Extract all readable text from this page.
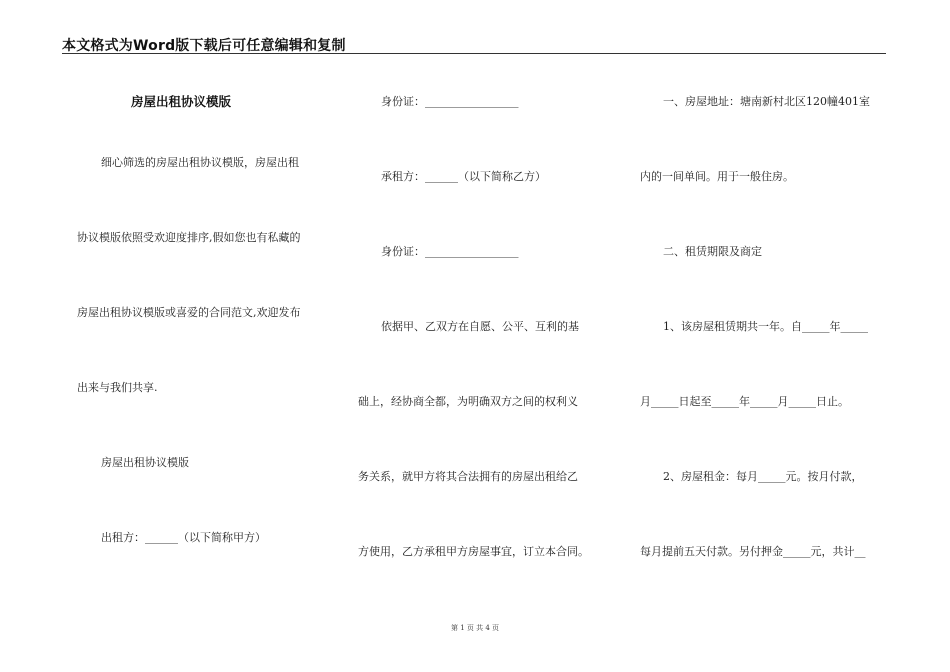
本文格式为Word版下载后可任意编辑和复制
房屋出租协议模版
细心筛选的房屋出租协议模版，房屋出租
协议模版依照受欢迎度排序,假如您也有私藏的
房屋出租协议模版或喜爱的合同范文,欢迎发布
出来与我们共享.
房屋出租协议模版
出租方：______（以下简称甲方）
身份证：_________________
承租方：______（以下简称乙方）
身份证：_________________
依据甲、乙双方在自愿、公平、互利的基
础上，经协商全都，为明确双方之间的权利义
务关系，就甲方将其合法拥有的房屋出租给乙
方使用，乙方承租甲方房屋事宜，订立本合同。
一、房屋地址：塘南新村北区120幢401室
内的一间单间。用于一般住房。
二、租赁期限及商定
1、该房屋租赁期共一年。自_____年_____
月_____日起至_____年_____月_____日止。
2、房屋租金：每月_____元。按月付款，
每月提前五天付款。另付押金_____元，共计__
第 1 页 共 4 页
